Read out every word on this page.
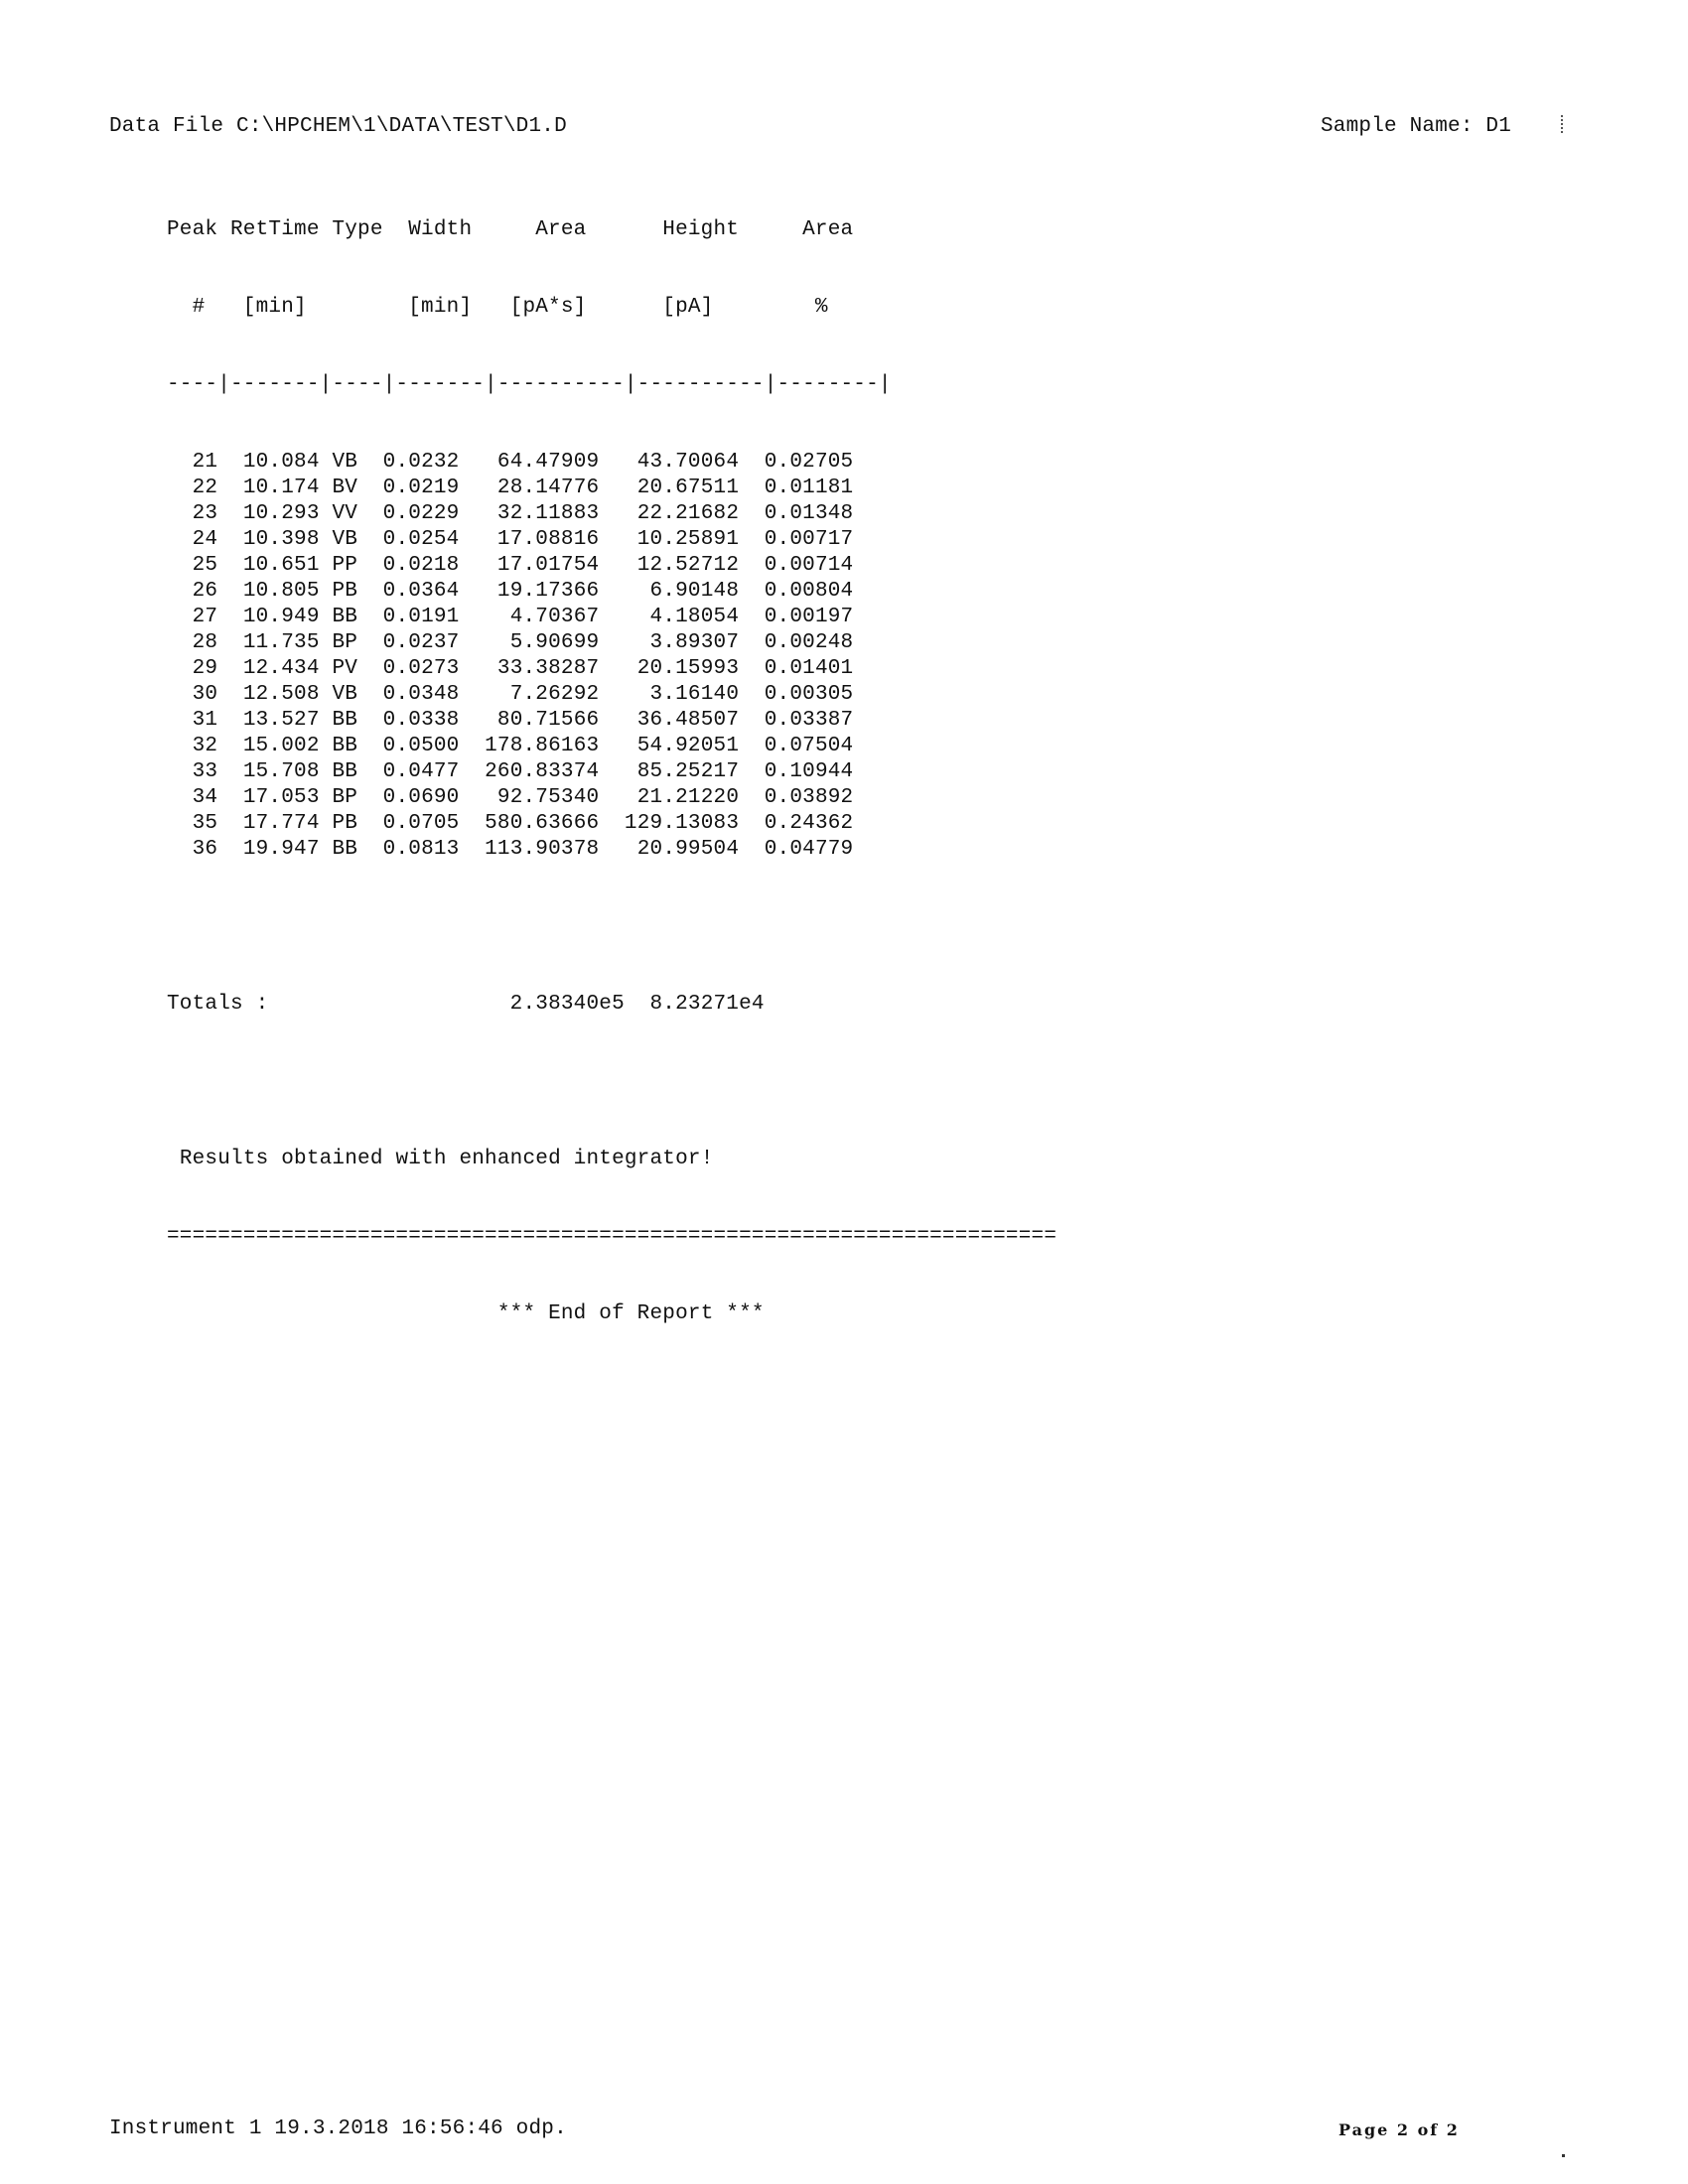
Data File C:\HPCHEM\1\DATA\TEST\D1.D	Sample Name: D1

Peak RetTime Type  Width     Area      Height     Area

#   [min]        [min]   [pA*s]      [pA]        %

----|-------|----|-------|----------|----------|--------|

21  10.084 VB  0.0232   64.47909   43.70064  0.02705
22  10.174 BV  0.0219   28.14776   20.67511  0.01181
23  10.293 VV  0.0229   32.11883   22.21682  0.01348
24  10.398 VB  0.0254   17.08816   10.25891  0.00717
25  10.651 PP  0.0218   17.01754   12.52712  0.00714
26  10.805 PB  0.0364   19.17366    6.90148  0.00804
27  10.949 BB  0.0191    4.70367    4.18054  0.00197
28  11.735 BP  0.0237    5.90699    3.89307  0.00248
29  12.434 PV  0.0273   33.38287   20.15993  0.01401
30  12.508 VB  0.0348    7.26292    3.16140  0.00305
31  13.527 BB  0.0338   80.71566   36.48507  0.03387
32  15.002 BB  0.0500  178.86163   54.92051  0.07504
33  15.708 BB  0.0477  260.83374   85.25217  0.10944
34  17.053 BP  0.0690   92.75340   21.21220  0.03892
35  17.774 PB  0.0705  580.63666  129.13083  0.24362
36  19.947 BB  0.0813  113.90378   20.99504  0.04779

Totals :                   2.38340e5  8.23271e4

Results obtained with enhanced integrator!

======================================================================

*** End of Report ***

Instrument 1 19.3.2018 16:56:46 odp.	Page 2 of 2
